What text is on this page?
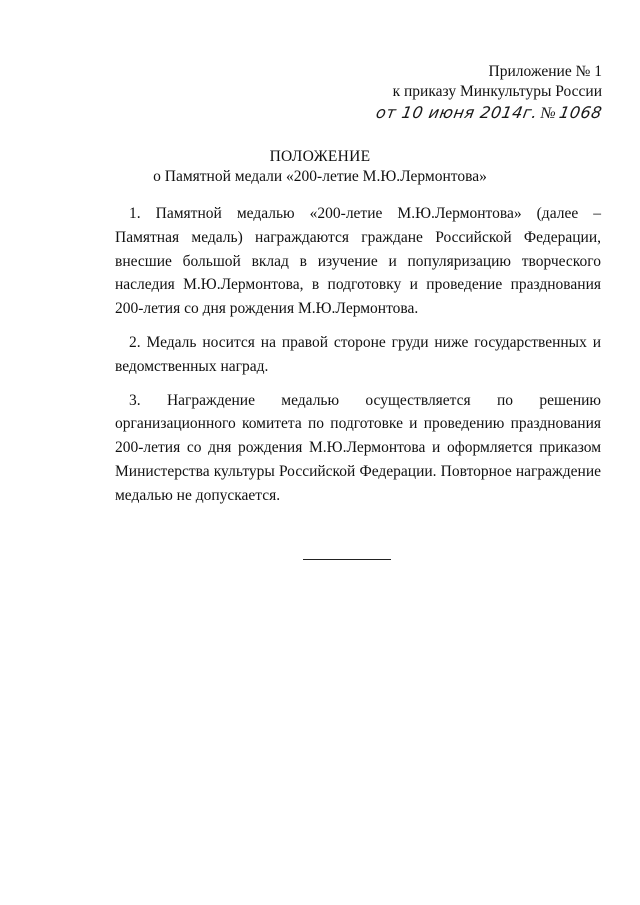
Приложение № 1
к приказу Минкультуры России
от 10 июня 2014г.№1068
ПОЛОЖЕНИЕ
о Памятной медали «200-летие М.Ю.Лермонтова»

1. Памятной медалью «200-летие М.Ю.Лермонтова» (далее – Памятная медаль) награждаются граждане Российской Федерации, внесшие большой вклад в изучение и популяризацию творческого наследия М.Ю.Лермонтова, в подготовку и проведение празднования 200-летия со дня рождения М.Ю.Лермонтова.

2. Медаль носится на правой стороне груди ниже государственных и ведомственных наград.

3. Награждение медалью осуществляется по решению организационного комитета по подготовке и проведению празднования 200-летия со дня рождения М.Ю.Лермонтова и оформляется приказом Министерства культуры Российской Федерации. Повторное награждение медалью не допускается.
